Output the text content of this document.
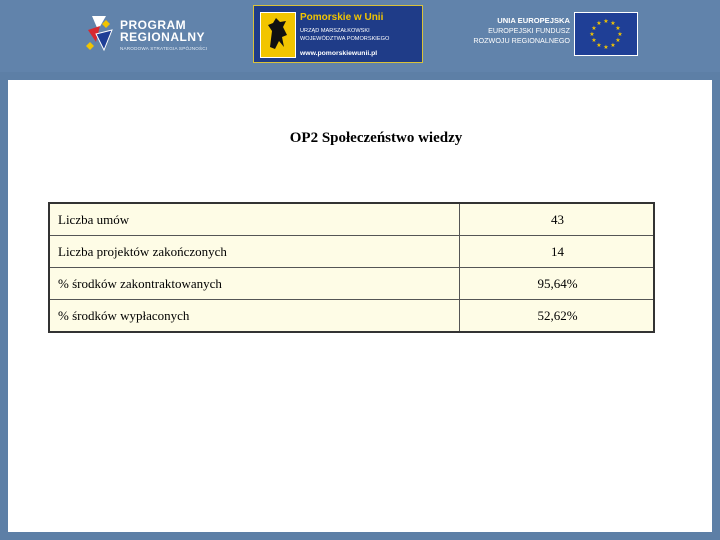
PROGRAM
REGIONALNY
NARODOWA STRATEGIA SPÓJNOŚCI
Pomorskie w Unii
URZĄD MARSZAŁKOWSKI
WOJEWÓDZTWA POMORSKIEGO
www.pomorskiewunii.pl
UNIA EUROPEJSKA
EUROPEJSKI FUNDUSZ
ROZWOJU REGIONALNEGO
★ ★
★
★
★
★
★
★
★
★
★
★
OP2 Społeczeństwo wiedzy
Liczba umów	43
Liczba projektów zakończonych	14
% środków zakontraktowanych	95,64%
% środków wypłaconych	52,62%
